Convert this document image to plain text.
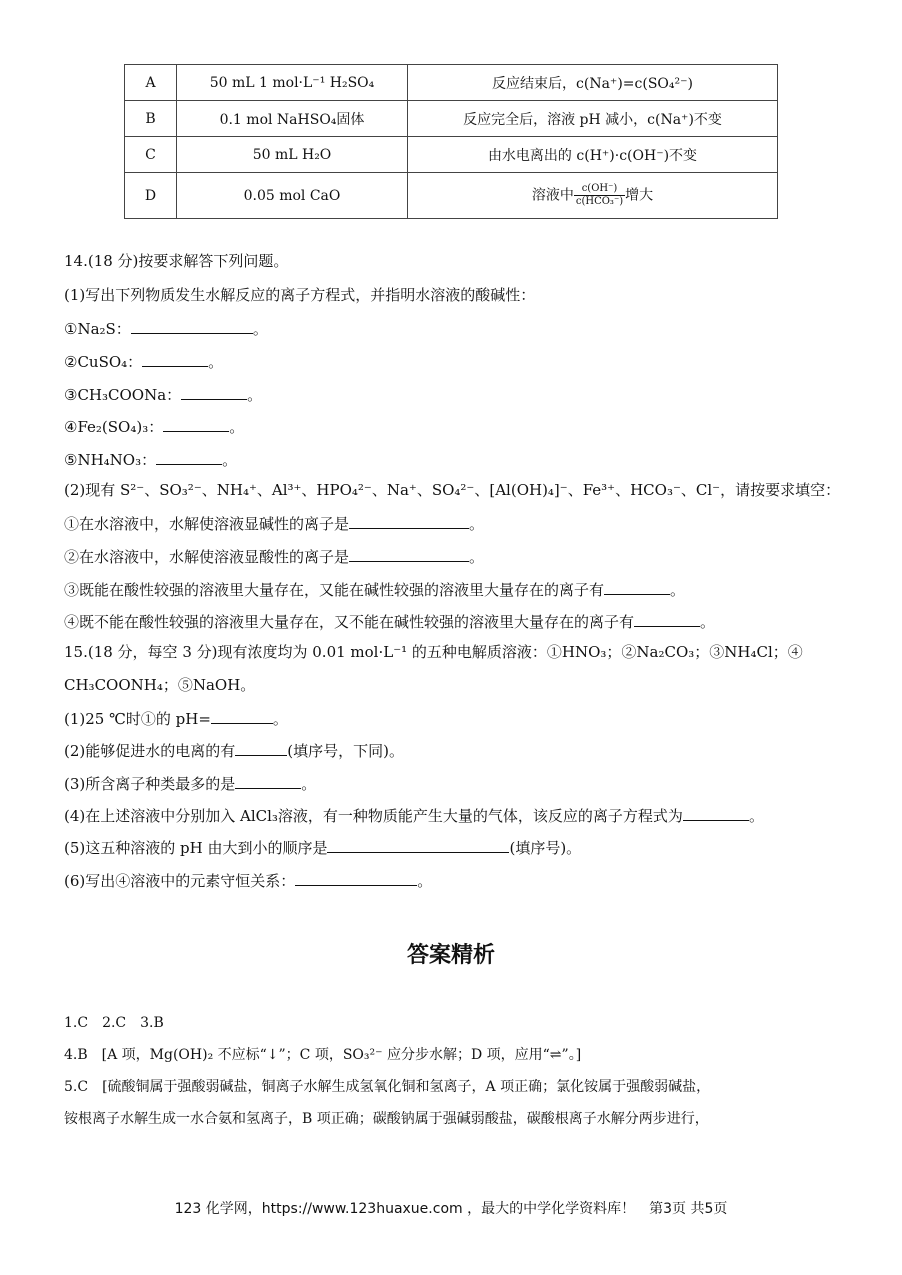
A	50 mL 1 mol·L⁻¹ H₂SO₄	反应结束后，c(Na⁺)=c(SO₄²⁻)
B	0.1 mol NaHSO₄固体	反应完全后，溶液 pH 减小，c(Na⁺)不变
C	50 mL H₂O	由水电离出的 c(H⁺)·c(OH⁻)不变
D	0.05 mol CaO	溶液中 $\frac{c(OH^-)}{\text{c(HCO₃⁻)}}$ 增大
14.(18 分)按要求解答下列问题。
(1)写出下列物质发生水解反应的离子方程式，并指明水溶液的酸碱性：
①Na₂S：	。
②CuSO₄：	。
③CH₃COONa：	。
④Fe₂(SO₄)₃：	。
⑤NH₄NO₃：	。
(2)现有 S²⁻、SO₃²⁻、NH₄⁺、Al³⁺、HPO₄²⁻、Na⁺、SO₄²⁻、[Al(OH)₄]⁻、Fe³⁺、HCO₃⁻、Cl⁻，请按要求填空：
①在水溶液中，水解使溶液显碱性的离子是	。
②在水溶液中，水解使溶液显酸性的离子是	。
③既能在酸性较强的溶液里大量存在，又能在碱性较强的溶液里大量存在的离子有	。
④既不能在酸性较强的溶液里大量存在，又不能在碱性较强的溶液里大量存在的离子有	。
15.(18 分，每空 3 分)现有浓度均为 0.01 mol·L⁻¹ 的五种电解质溶液：①HNO₃；②Na₂CO₃；③NH₄Cl；④
CH₃COONH₄；⑤NaOH。
(1)25 ℃时①的 pH=	。
(2)能够促进水的电离的有	(填序号，下同)。
(3)所含离子种类最多的是	。
(4)在上述溶液中分别加入 AlCl₃溶液，有一种物质能产生大量的气体，该反应的离子方程式为	。
(5)这五种溶液的 pH 由大到小的顺序是	(填序号)。
(6)写出④溶液中的元素守恒关系：	。
答案精析
1.C　2.C　3.B
4.B　[A 项，Mg(OH)₂ 不应标“↓”；C 项，SO₃²⁻ 应分步水解；D 项，应用“⇌”。]
5.C　[硫酸铜属于强酸弱碱盐，铜离子水解生成氢氧化铜和氢离子，A 项正确；氯化铵属于强酸弱碱盐，
铵根离子水解生成一水合氨和氢离子，B 项正确；碳酸钠属于强碱弱酸盐，碳酸根离子水解分两步进行，
123 化学网，https://www.123huaxue.com ，最大的中学化学资料库！　第3页 共5页
